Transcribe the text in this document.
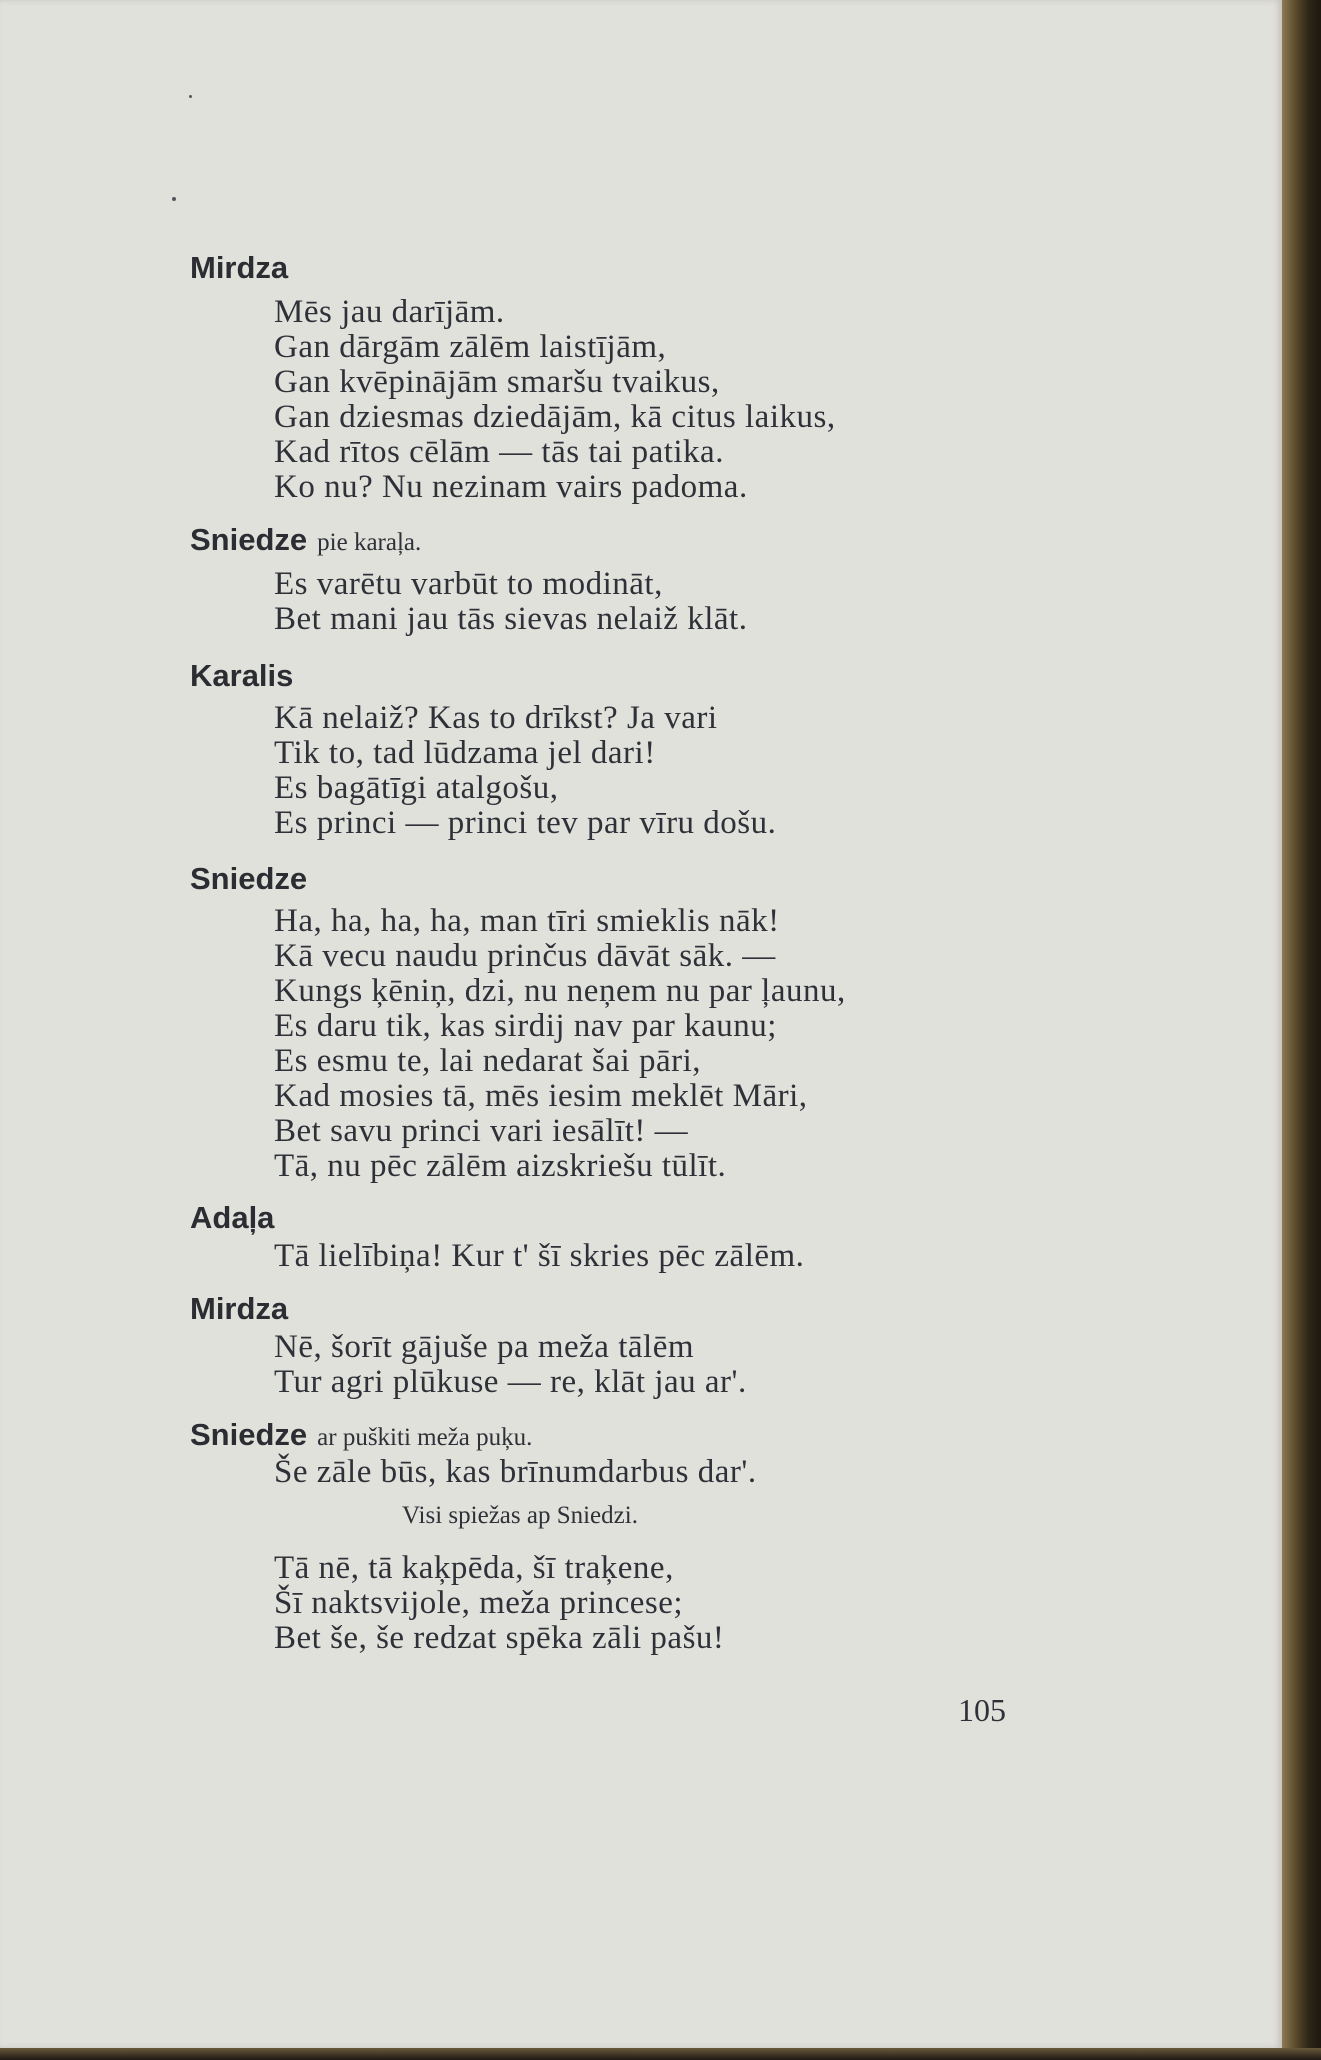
Mirdza
Mēs jau darījām.
Gan dārgām zālēm laistījām,
Gan kvēpinājām smaršu tvaikus,
Gan dziesmas dziedājām, kā citus laikus,
Kad rītos cēlām — tās tai patika.
Ko nu? Nu nezinam vairs padoma.
Sniedze pie karaļa.
Es varētu varbūt to modināt,
Bet mani jau tās sievas nelaiž klāt.
Karalis
Kā nelaiž? Kas to drīkst? Ja vari
Tik to, tad lūdzama jel dari!
Es bagātīgi atalgošu,
Es princi — princi tev par vīru došu.
Sniedze
Ha, ha, ha, ha, man tīri smieklis nāk!
Kā vecu naudu prinčus dāvāt sāk. —
Kungs ķēniņ, dzi, nu neņem nu par ļaunu,
Es daru tik, kas sirdij nav par kaunu;
Es esmu te, lai nedarat šai pāri,
Kad mosies tā, mēs iesim meklēt Māri,
Bet savu princi vari iesālīt! —
Tā, nu pēc zālēm aizskriešu tūlīt.
Adaļa
Tā lielībiņa! Kur t' šī skries pēc zālēm.
Mirdza
Nē, šorīt gājuše pa meža tālēm
Tur agri plūkuse — re, klāt jau ar'.
Sniedze ar puškiti meža puķu.
Še zāle būs, kas brīnumdarbus dar'.
Visi spiežas ap Sniedzi.
Tā nē, tā kaķpēda, šī traķene,
Šī naktsvijole, meža princese;
Bet še, še redzat spēka zāli pašu!
105
